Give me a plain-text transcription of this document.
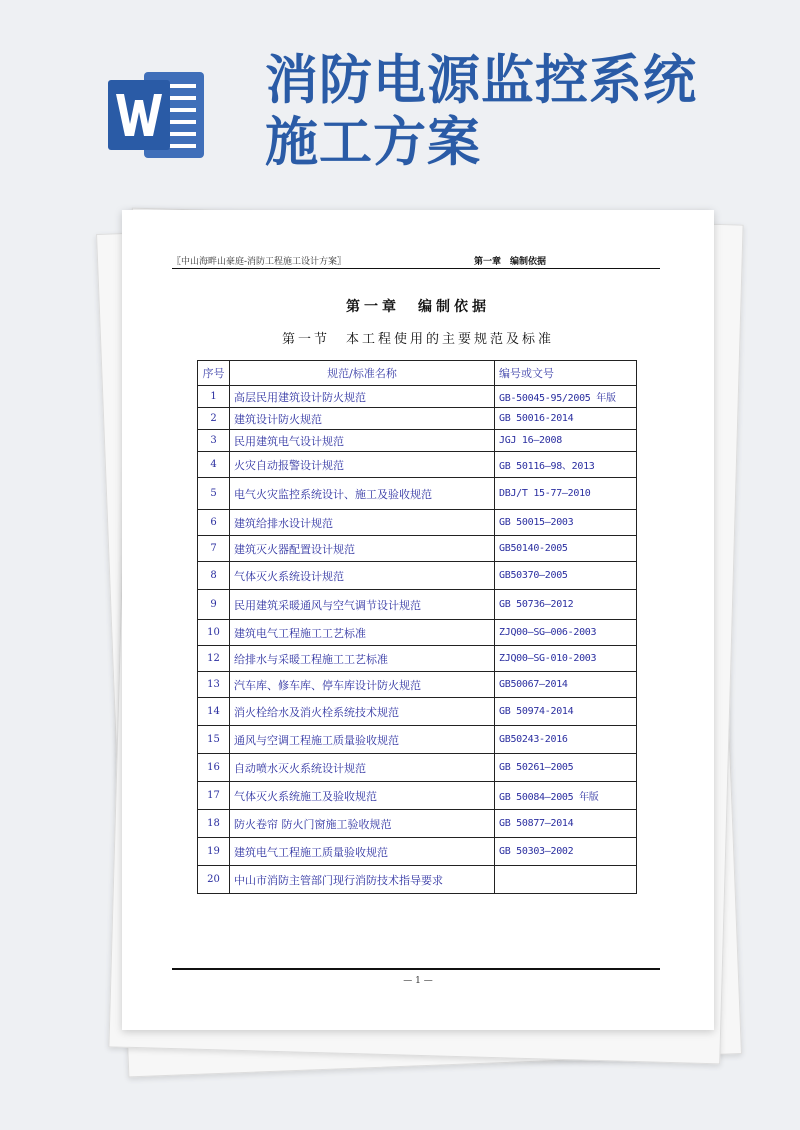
消防电源监控系统
施工方案
〖中山海畔山豪庭-消防工程施工设计方案〗	第一章　编制依据
第一章　编制依据
第一节　本工程使用的主要规范及标准
序号	规范/标准名称	编号或文号
1	高层民用建筑设计防火规范	GB-50045-95/2005 年版
2	建筑设计防火规范	GB 50016-2014
3	民用建筑电气设计规范	JGJ 16—2008
4	火灾自动报警设计规范	GB 50116—98、2013
5	电气火灾监控系统设计、施工及验收规范	DBJ/T 15-77—2010
6	建筑给排水设计规范	GB 50015—2003
7	建筑灭火器配置设计规范	GB50140-2005
8	气体灭火系统设计规范	GB50370—2005
9	民用建筑采暖通风与空气调节设计规范	GB 50736—2012
10	建筑电气工程施工工艺标准	ZJQ00—SG—006-2003
12	给排水与采暖工程施工工艺标准	ZJQ00—SG-010-2003
13	汽车库、修车库、停车库设计防火规范	GB50067—2014
14	消火栓给水及消火栓系统技术规范	GB 50974-2014
15	通风与空调工程施工质量验收规范	GB50243-2016
16	自动喷水灭火系统设计规范	GB 50261—2005
17	气体灭火系统施工及验收规范	GB 50084—2005 年版
18	防火卷帘 防火门窗施工验收规范	GB 50877—2014
19	建筑电气工程施工质量验收规范	GB 50303—2002
20	中山市消防主管部门现行消防技术指导要求	
— 1 —
